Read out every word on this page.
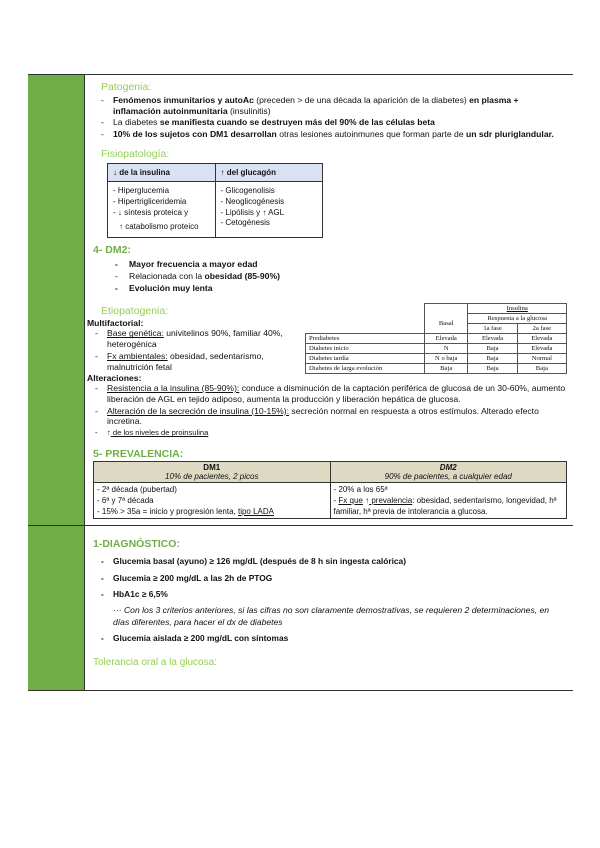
Patogenia:
- Fenómenos inmunitarios y autoAc (preceden > de una década la aparición de la diabetes) en plasma + inflamación autoinmunitaria (insulinitis)
- La diabetes se manifiesta cuando se destruyen más del 90% de las células beta
- 10% de los sujetos con DM1 desarrollan otras lesiones autoinmunes que forman parte de un sdr pluriglandular.
Fisiopatología:
↓ de la insulina	↑ del glucagón
- Hiperglucemia
- Hipertrigliceridemia
- ↓ síntesis proteica y
↑ catabolismo proteico	- Glicogenolisis
- Neoglicogénesis
- Lipólisis y ↑ AGL
- Cetogénesis
4- DM2:
- Mayor frecuencia a mayor edad
- Relacionada con la obesidad (85-90%)
- Evolución muy lenta
		Insulina	
	Basal	Respuesta a la glucosa	
		1a fase	2a fase
Prediabetes	Elevada	Elevada	Elevada
Diabetes inicio	N	Baja	Elevada
Diabetes tardía	N o baja	Baja	Normal
Diabetes de larga evolución	Baja	Baja	Baja
Etiopatogenia:
Multifactorial:
- Base genética: univitelinos 90%, familiar 40%, heterogénica
- Fx ambientales: obesidad, sedentarismo, malnutrición fetal
Alteraciones:
- Resistencia a la insulina (85-90%): conduce a disminución de la captación periférica de glucosa de un 30-60%, aumento liberación de AGL en tejido adiposo, aumenta la producción y liberación hepática de glucosa.
- Alteración de la secreción de insulina (10-15%): secreción normal en respuesta a otros estímulos. Alterado efecto incretina.
- ↑ de los niveles de proinsulina
5- PREVALENCIA:
DM1
10% de pacientes, 2 picos	DM2
90% de pacientes, a cualquier edad

- 2ª década (pubertad)
- 6ª y 7ª década
- 15% > 35a = inicio y progresión lenta, tipo LADA	- 20% a los 65ª
- Fx que ↑ prevalencia: obesidad, sedentarismo, longevidad, hª familiar, hª previa de intolerancia a glucosa.
1-DIAGNÓSTICO:
- Glucemia basal (ayuno) ≥ 126 mg/dL (después de 8 h sin ingesta calórica)
- Glucemia ≥ 200 mg/dL a las 2h de PTOG
- HbA1c ≥ 6,5%
··· Con los 3 criterios anteriores, si las cifras no son claramente demostrativas, se requieren 2 determinaciones, en días diferentes, para hacer el dx de diabetes
- Glucemia aislada ≥ 200 mg/dL con síntomas
Tolerancia oral a la glucosa:
